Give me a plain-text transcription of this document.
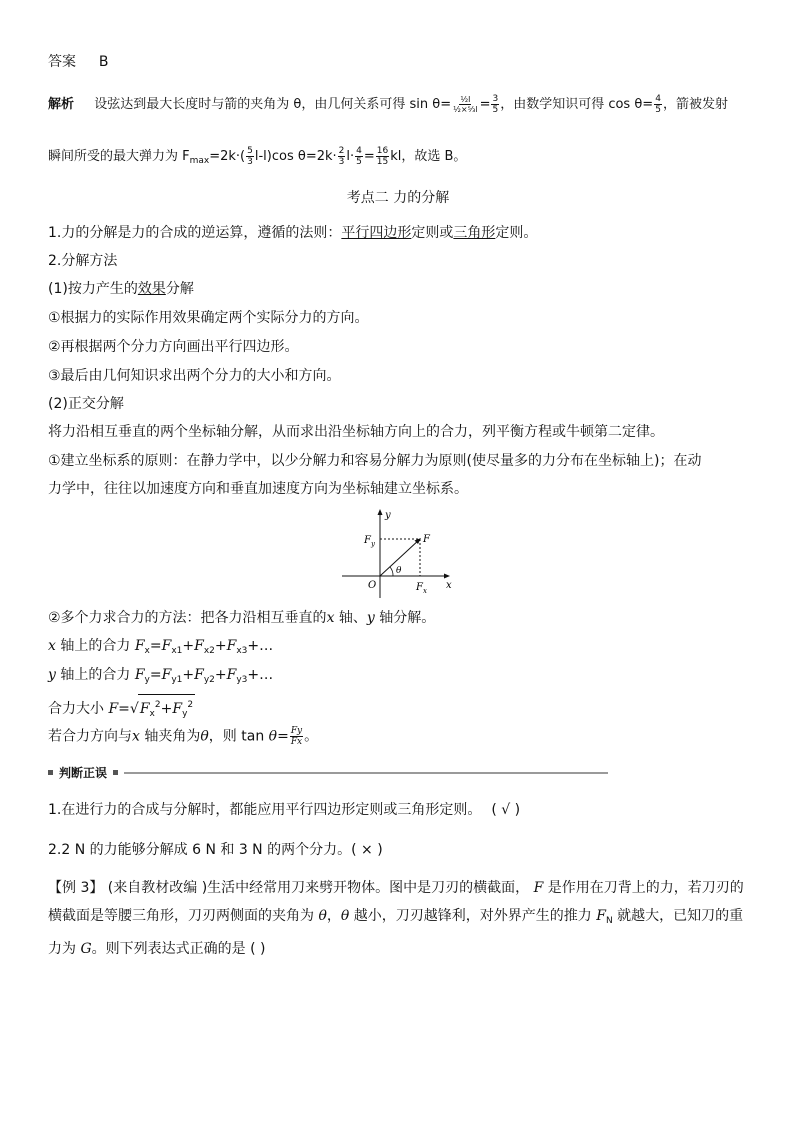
答案 B

解析 设弦达到最大长度时与箭的夹角为 θ，由几何关系可得 $\sin \theta= \frac{\text{½l}}{\text{½×⁵⁄₃l}} = \frac{3}{5}$ ，由数学知识可得 $\cos \theta= \frac{4}{5}$ ，箭被发射

瞬间所受的最大弹力为 $F_{max}=2k\cdot( \frac{5}{3} l-l)\cos$ $\theta=2k\cdot \frac{2}{3} l\cdot \frac{4}{5} = \frac{16}{15}$ kl，故选 B。

考点二 力的分解

1.力的分解是力的合成的逆运算，遵循的法则：平行四边形定则或三角形定则。

2.分解方法

(1)按力产生的效果分解

①根据力的实际作用效果确定两个实际分力的方向。

②再根据两个分力方向画出平行四边形。

③最后由几何知识求出两个分力的大小和方向。

(2)正交分解

将力沿相互垂直的两个坐标轴分解，从而求出沿坐标轴方向上的合力，列平衡方程或牛顿第二定律。

①建立坐标系的原则：在静力学中，以少分解力和容易分解力为原则(使尽量多的力分布在坐标轴上)；在动

力学中，往往以加速度方向和垂直加速度方向为坐标轴建立坐标系。

y
x
F
$F_y$
$F_x$
O
θ

②多个力求合力的方法：把各力沿相互垂直的x 轴、y 轴分解。

x 轴上的合力 $F_x=F_{x1}+F_{x2}+F_{x3}+\dots$

y 轴上的合力 $F_y=F_{y1}+F_{y2}+F_{y3}+\dots$

合力大小 $F=√F_x^2+F_y^2$

若合力方向与x 轴夹角为θ，则 $\tan \theta= \frac{Fy}{Fx}$ 。

判断正误

1.在进行力的合成与分解时，都能应用平行四边形定则或三角形定则。 ( √ )

2.2 N 的力能够分解成 6 N 和 3 N 的两个分力。( × )

【例 3】 (来自教材改编 )生活中经常用刀来劈开物体。图中是刀刃的横截面， F 是作用在刀背上的力，若刀刃的横截面是等腰三角形，刀刃两侧面的夹角为 θ，θ 越小，刀刃越锋利，对外界产生的推力 $F_N$ 就越大，已知刀的重力为 G。则下列表达式正确的是 ( )
